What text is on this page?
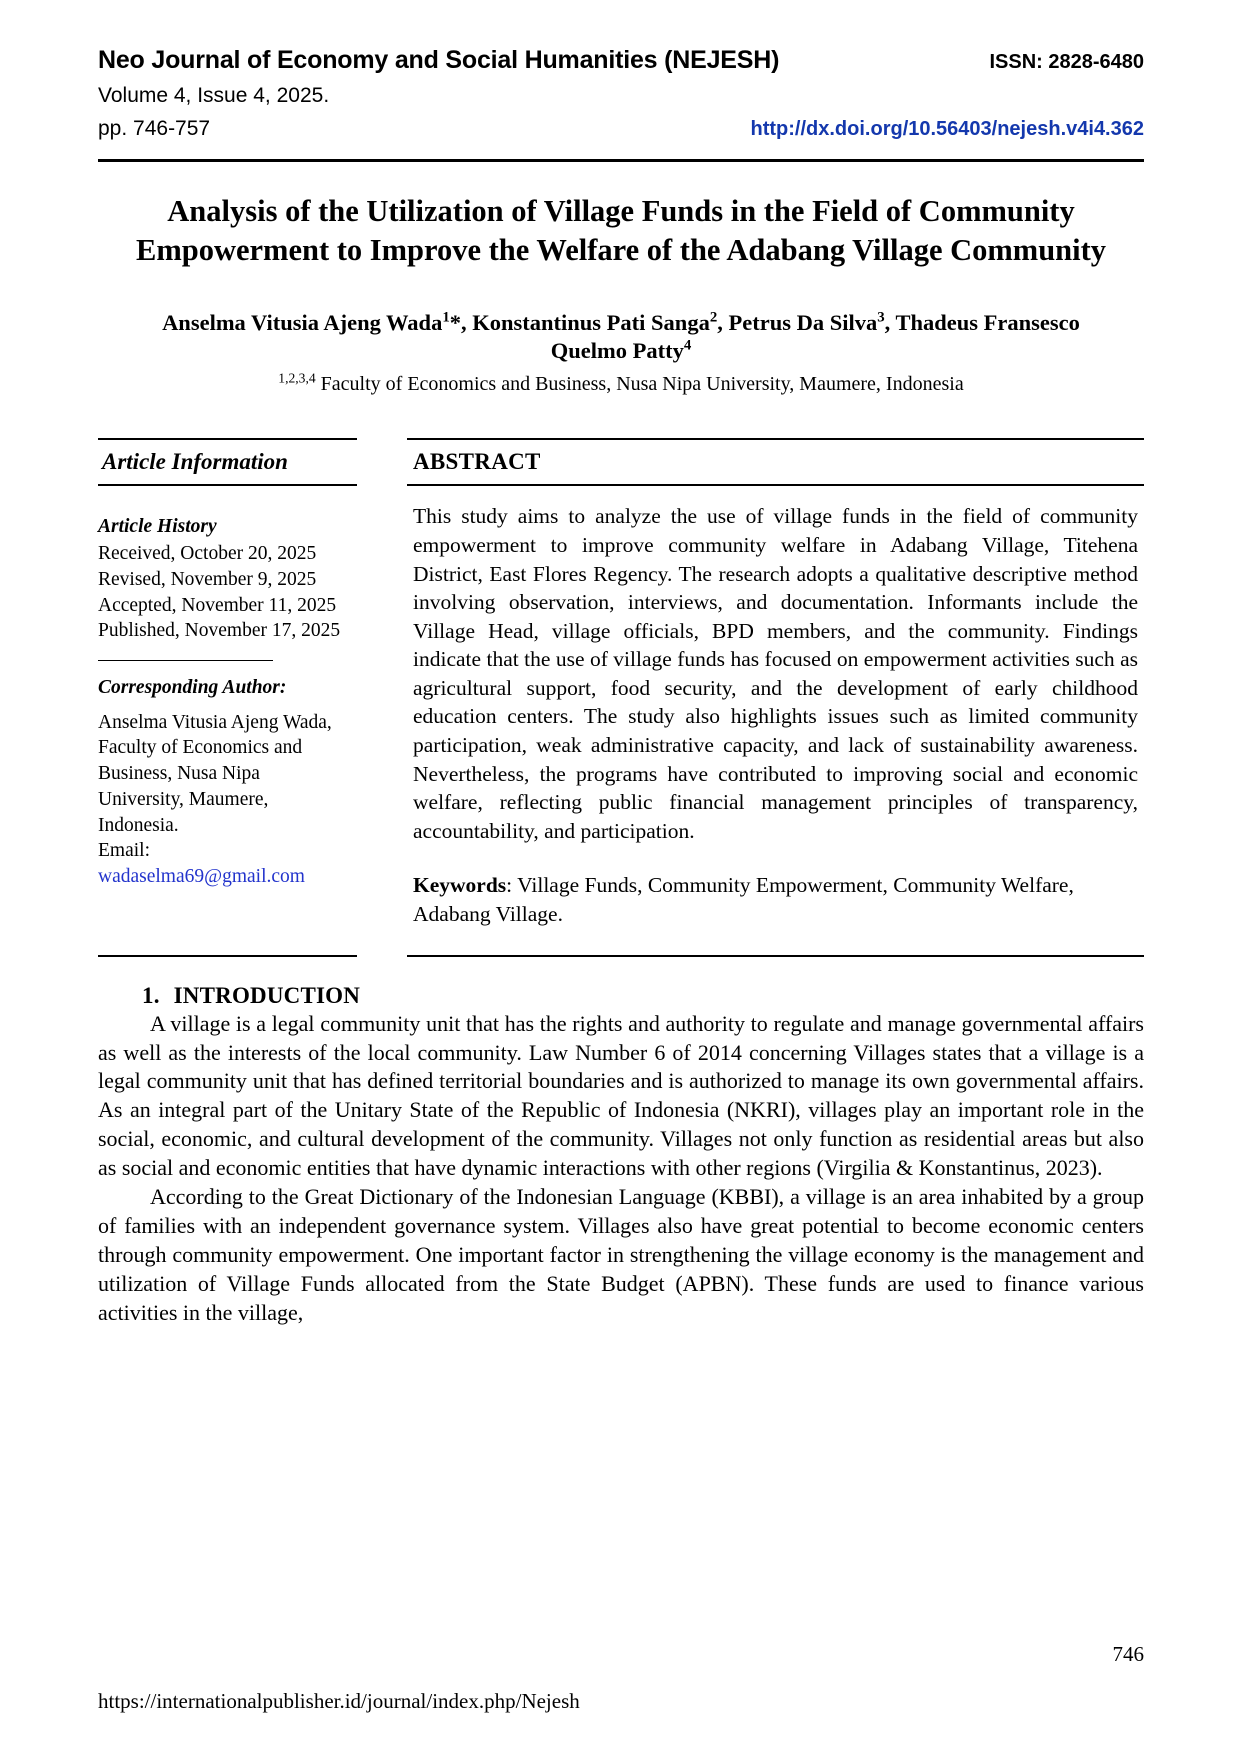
Neo Journal of Economy and Social Humanities (NEJESH)	ISSN: 2828-6480
Volume 4, Issue 4, 2025.
pp. 746-757	http://dx.doi.org/10.56403/nejesh.v4i4.362
Analysis of the Utilization of Village Funds in the Field of Community Empowerment to Improve the Welfare of the Adabang Village Community
Anselma Vitusia Ajeng Wada$^1$*, Konstantinus Pati Sanga$^2$, Petrus Da Silva$^3$, Thadeus Fransesco Quelmo Patty$^4$
$^{1,2,3,4}$ Faculty of Economics and Business, Nusa Nipa University, Maumere, Indonesia
Article Information
Article History
Received, October 20, 2025
Revised, November 9, 2025
Accepted, November 11, 2025
Published, November 17, 2025
Corresponding Author:
Anselma Vitusia Ajeng Wada,
Faculty of Economics and
Business, Nusa Nipa
University, Maumere,
Indonesia.
Email:
wadaselma69@gmail.com
ABSTRACT
This study aims to analyze the use of village funds in the field of community empowerment to improve community welfare in Adabang Village, Titehena District, East Flores Regency. The research adopts a qualitative descriptive method involving observation, interviews, and documentation. Informants include the Village Head, village officials, BPD members, and the community. Findings indicate that the use of village funds has focused on empowerment activities such as agricultural support, food security, and the development of early childhood education centers. The study also highlights issues such as limited community participation, weak administrative capacity, and lack of sustainability awareness. Nevertheless, the programs have contributed to improving social and economic welfare, reflecting public financial management principles of transparency, accountability, and participation.
Keywords: Village Funds, Community Empowerment, Community Welfare, Adabang Village.
1. INTRODUCTION

A village is a legal community unit that has the rights and authority to regulate and manage governmental affairs as well as the interests of the local community. Law Number 6 of 2014 concerning Villages states that a village is a legal community unit that has defined territorial boundaries and is authorized to manage its own governmental affairs. As an integral part of the Unitary State of the Republic of Indonesia (NKRI), villages play an important role in the social, economic, and cultural development of the community. Villages not only function as residential areas but also as social and economic entities that have dynamic interactions with other regions (Virgilia & Konstantinus, 2023).

According to the Great Dictionary of the Indonesian Language (KBBI), a village is an area inhabited by a group of families with an independent governance system. Villages also have great potential to become economic centers through community empowerment. One important factor in strengthening the village economy is the management and utilization of Village Funds allocated from the State Budget (APBN). These funds are used to finance various activities in the village,

746
https://internationalpublisher.id/journal/index.php/Nejesh
